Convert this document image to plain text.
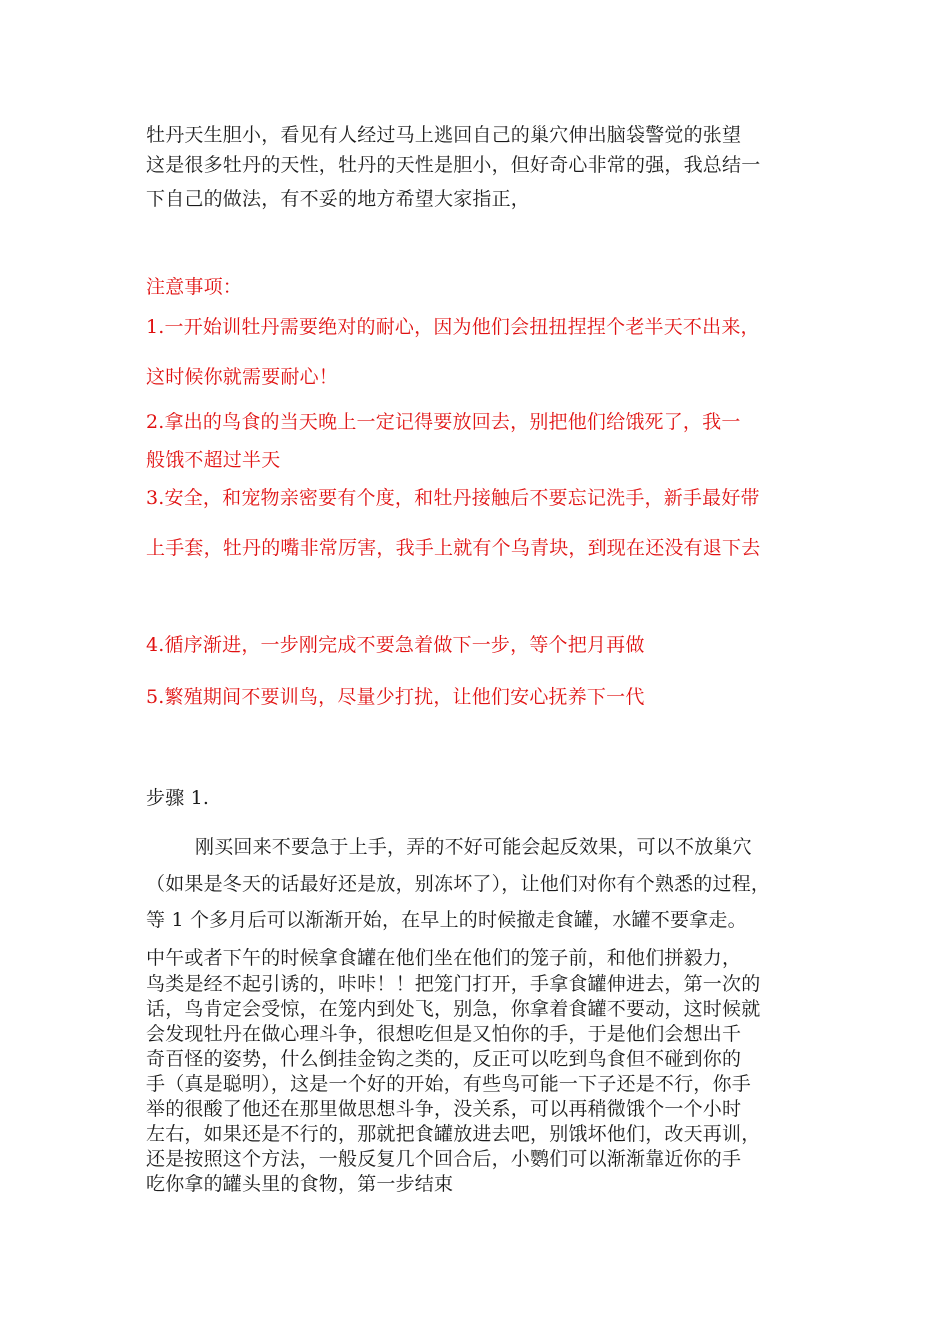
牡丹天生胆小，看见有人经过马上逃回自己的巢穴伸出脑袋警觉的张望
这是很多牡丹的天性，牡丹的天性是胆小，但好奇心非常的强，我总结一
下自己的做法，有不妥的地方希望大家指正，
注意事项：
1.一开始训牡丹需要绝对的耐心，因为他们会扭扭捏捏个老半天不出来，
这时候你就需要耐心！
2.拿出的鸟食的当天晚上一定记得要放回去，别把他们给饿死了，我一
般饿不超过半天
3.安全，和宠物亲密要有个度，和牡丹接触后不要忘记洗手，新手最好带
上手套，牡丹的嘴非常厉害，我手上就有个乌青块，到现在还没有退下去
4.循序渐进，一步刚完成不要急着做下一步，等个把月再做
5.繁殖期间不要训鸟，尽量少打扰，让他们安心抚养下一代
步骤 1.
刚买回来不要急于上手，弄的不好可能会起反效果，可以不放巢穴
（如果是冬天的话最好还是放，别冻坏了），让他们对你有个熟悉的过程，
等 1 个多月后可以渐渐开始，在早上的时候撤走食罐，水罐不要拿走。
中午或者下午的时候拿食罐在他们坐在他们的笼子前，和他们拼毅力，
鸟类是经不起引诱的，咔咔！！把笼门打开，手拿食罐伸进去，第一次的
话，鸟肯定会受惊，在笼内到处飞，别急，你拿着食罐不要动，这时候就
会发现牡丹在做心理斗争，很想吃但是又怕你的手，于是他们会想出千
奇百怪的姿势，什么倒挂金钩之类的，反正可以吃到鸟食但不碰到你的
手（真是聪明），这是一个好的开始，有些鸟可能一下子还是不行，你手
举的很酸了他还在那里做思想斗争，没关系，可以再稍微饿个一个小时
左右，如果还是不行的，那就把食罐放进去吧，别饿坏他们，改天再训，
还是按照这个方法，一般反复几个回合后，小鹦们可以渐渐靠近你的手
吃你拿的罐头里的食物，第一步结束
